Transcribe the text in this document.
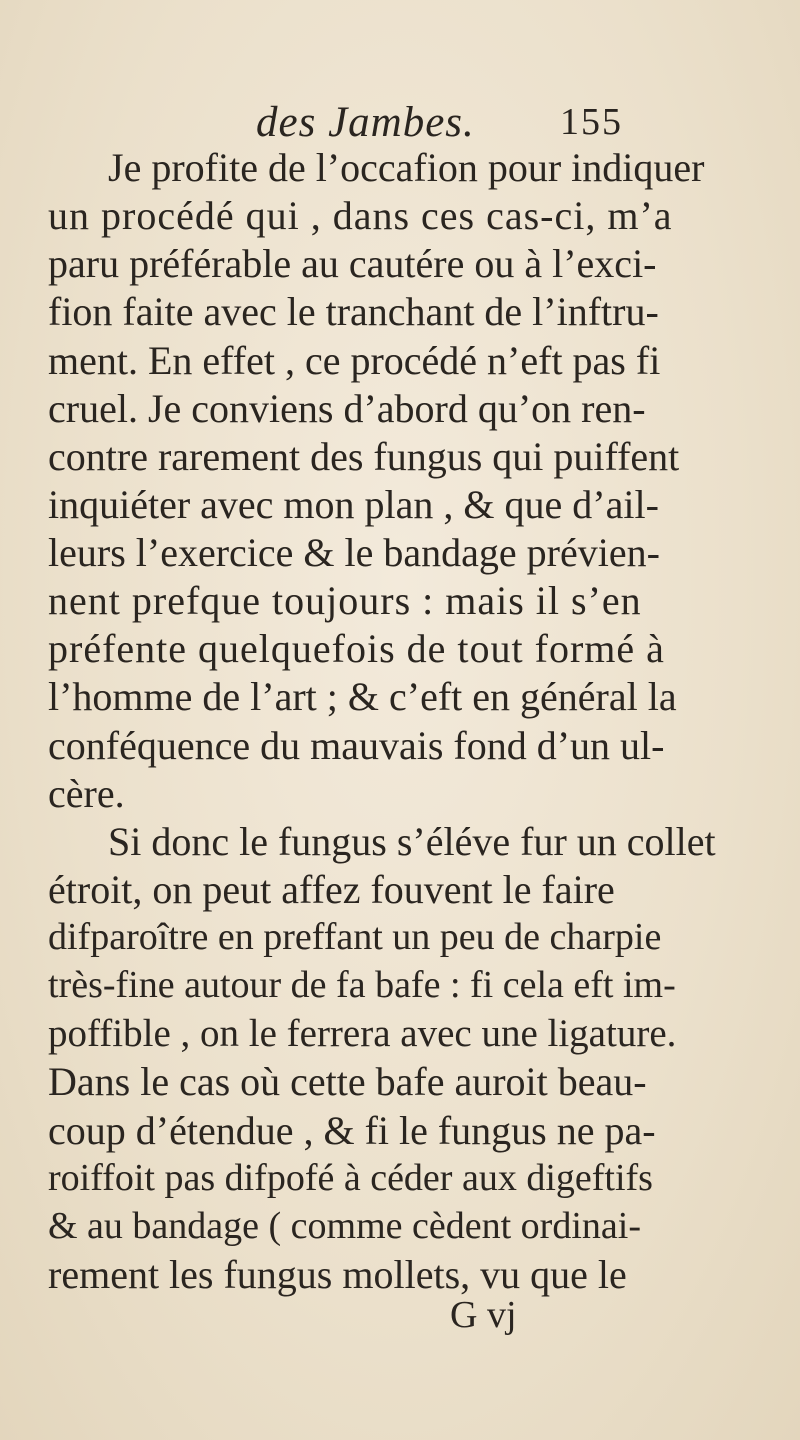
des Jambes. 155
Je profite de l’occafion pour indiquer
un procédé qui , dans ces cas-ci, m’a
paru préférable au cautére ou à l’exci-
fion faite avec le tranchant de l’inftru-
ment. En effet , ce procédé n’eft pas fi
cruel. Je conviens d’abord qu’on ren-
contre rarement des fungus qui puiffent
inquiéter avec mon plan , & que d’ail-
leurs l’exercice & le bandage prévien-
nent prefque toujours : mais il s’en
préfente quelquefois de tout formé à
l’homme de l’art ; & c’eft en général la
conféquence du mauvais fond d’un ul-
cère.
Si donc le fungus s’éléve fur un collet
étroit, on peut affez fouvent le faire
difparoître en preffant un peu de charpie
très-fine autour de fa bafe : fi cela eft im-
poffible , on le ferrera avec une ligature.
Dans le cas où cette bafe auroit beau-
coup d’étendue , & fi le fungus ne pa-
roiffoit pas difpofé à céder aux digeftifs
& au bandage ( comme cèdent ordinai-
rement les fungus mollets, vu que le
G vj
